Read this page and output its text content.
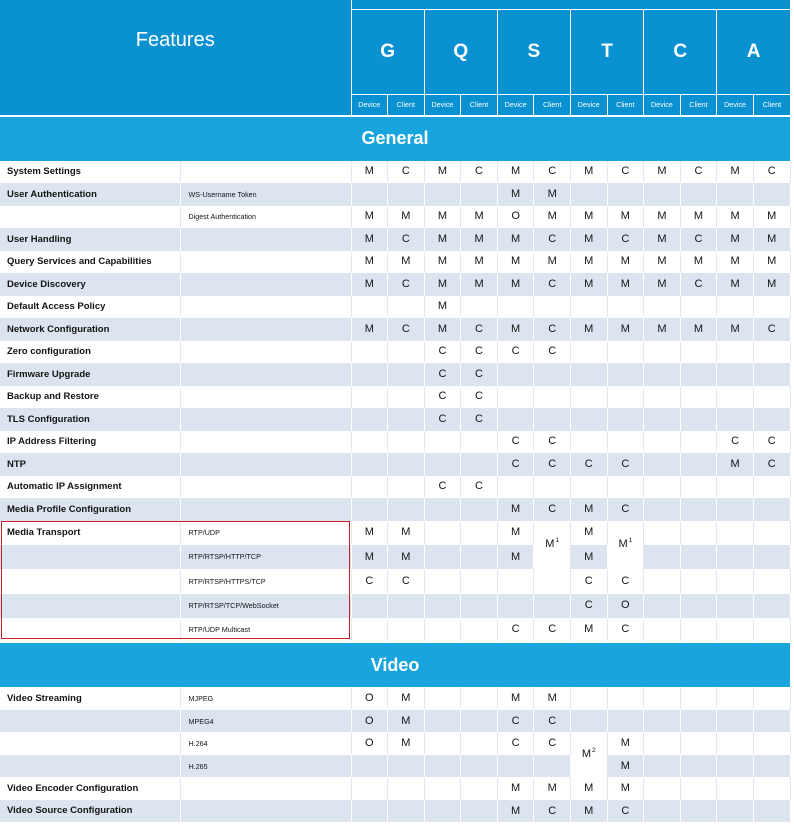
Features													
		G		Q		S		T		C		A	
		Device	Client	Device	Client	Device	Client	Device	Client	Device	Client	Device	Client
General													
System Settings		M	C	M	C	M	C	M	C	M	C	M	C
User Authentication	WS-Username Token					M	M						
	Digest Authentication	M	M	M	M	O	M	M	M	M	M	M	M
User Handling		M	C	M	M	M	C	M	C	M	C	M	M
Query Services and Capabilities		M	M	M	M	M	M	M	M	M	M	M	M
Device Discovery		M	C	M	M	M	C	M	M	M	C	M	M
Default Access Policy				M									
Network Configuration		M	C	M	C	M	C	M	M	M	M	M	C
Zero configuration				C	C	C	C						
Firmware Upgrade				C	C								
Backup and Restore				C	C								
TLS Configuration				C	C								
IP Address Filtering						C	C					C	C
NTP						C	C	C	C			M	C
Automatic IP Assignment				C	C								
Media Profile Configuration						M	C	M	C				
Media Transport	RTP/UDP	M	M			M	$M^1$	M	$M^1$				
	RTP/RTSP/HTTP/TCP	M	M			M		M					
	RTP/RTSP/HTTPS/TCP	C	C					C	C				
	RTP/RTSP/TCP/WebSocket							C	O				
	RTP/UDP Multicast					C	C	M	C				
Video													
Video Streaming	MJPEG	O	M			M	M						
	MPEG4	O	M			C	C						
	H.264	O	M			C	C	$M^2$	M				
	H.265								M				
Video Encoder Configuration						M	M	M	M				
Video Source Configuration						M	C	M	C				
